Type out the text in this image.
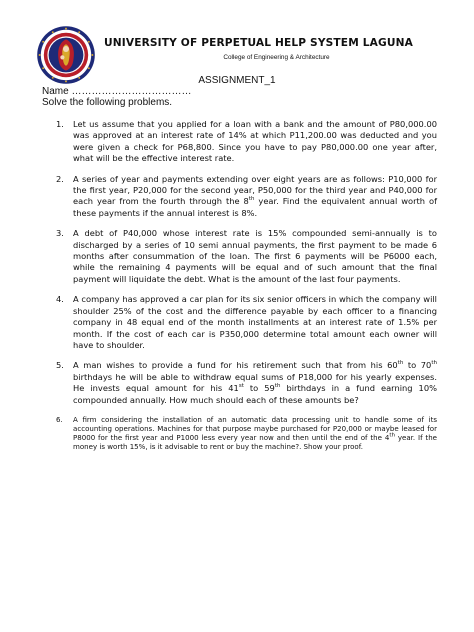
UNIVERSITY OF PERPETUAL HELP SYSTEM LAGUNA
College of Engineering & Architecture
ASSIGNMENT_1
Name ………………………………
Solve the following problems.
1. Let us assume that you applied for a loan with a bank and the amount of P80,000.00 was approved at an interest rate of 14% at which P11,200.00 was deducted and you were given a check for P68,800. Since you have to pay P80,000.00 one year after, what will be the effective interest rate.
2. A series of year and payments extending over eight years are as follows: P10,000 for the first year, P20,000 for the second year, P50,000 for the third year and P40,000 for each year from the fourth through the 8th year. Find the equivalent annual worth of these payments if the annual interest is 8%.
3. A debt of P40,000 whose interest rate is 15% compounded semi-annually is to discharged by a series of 10 semi annual payments, the first payment to be made 6 months after consummation of the loan. The first 6 payments will be P6000 each, while the remaining 4 payments will be equal and of such amount that the final payment will liquidate the debt. What is the amount of the last four payments.
4. A company has approved a car plan for its six senior officers in which the company will shoulder 25% of the cost and the difference payable by each officer to a financing company in 48 equal end of the month installments at an interest rate of 1.5% per month. If the cost of each car is P350,000 determine total amount each owner will have to shoulder.
5. A man wishes to provide a fund for his retirement such that from his 60th to 70th birthdays he will be able to withdraw equal sums of P18,000 for his yearly expenses. He invests equal amount for his 41st to 59th birthdays in a fund earning 10% compounded annually. How much should each of these amounts be?
6. A firm considering the installation of an automatic data processing unit to handle some of its accounting operations. Machines for that purpose maybe purchased for P20,000 or maybe leased for P8000 for the first year and P1000 less every year now and then until the end of the 4th year. If the money is worth 15%, is it advisable to rent or buy the machine?. Show your proof.
